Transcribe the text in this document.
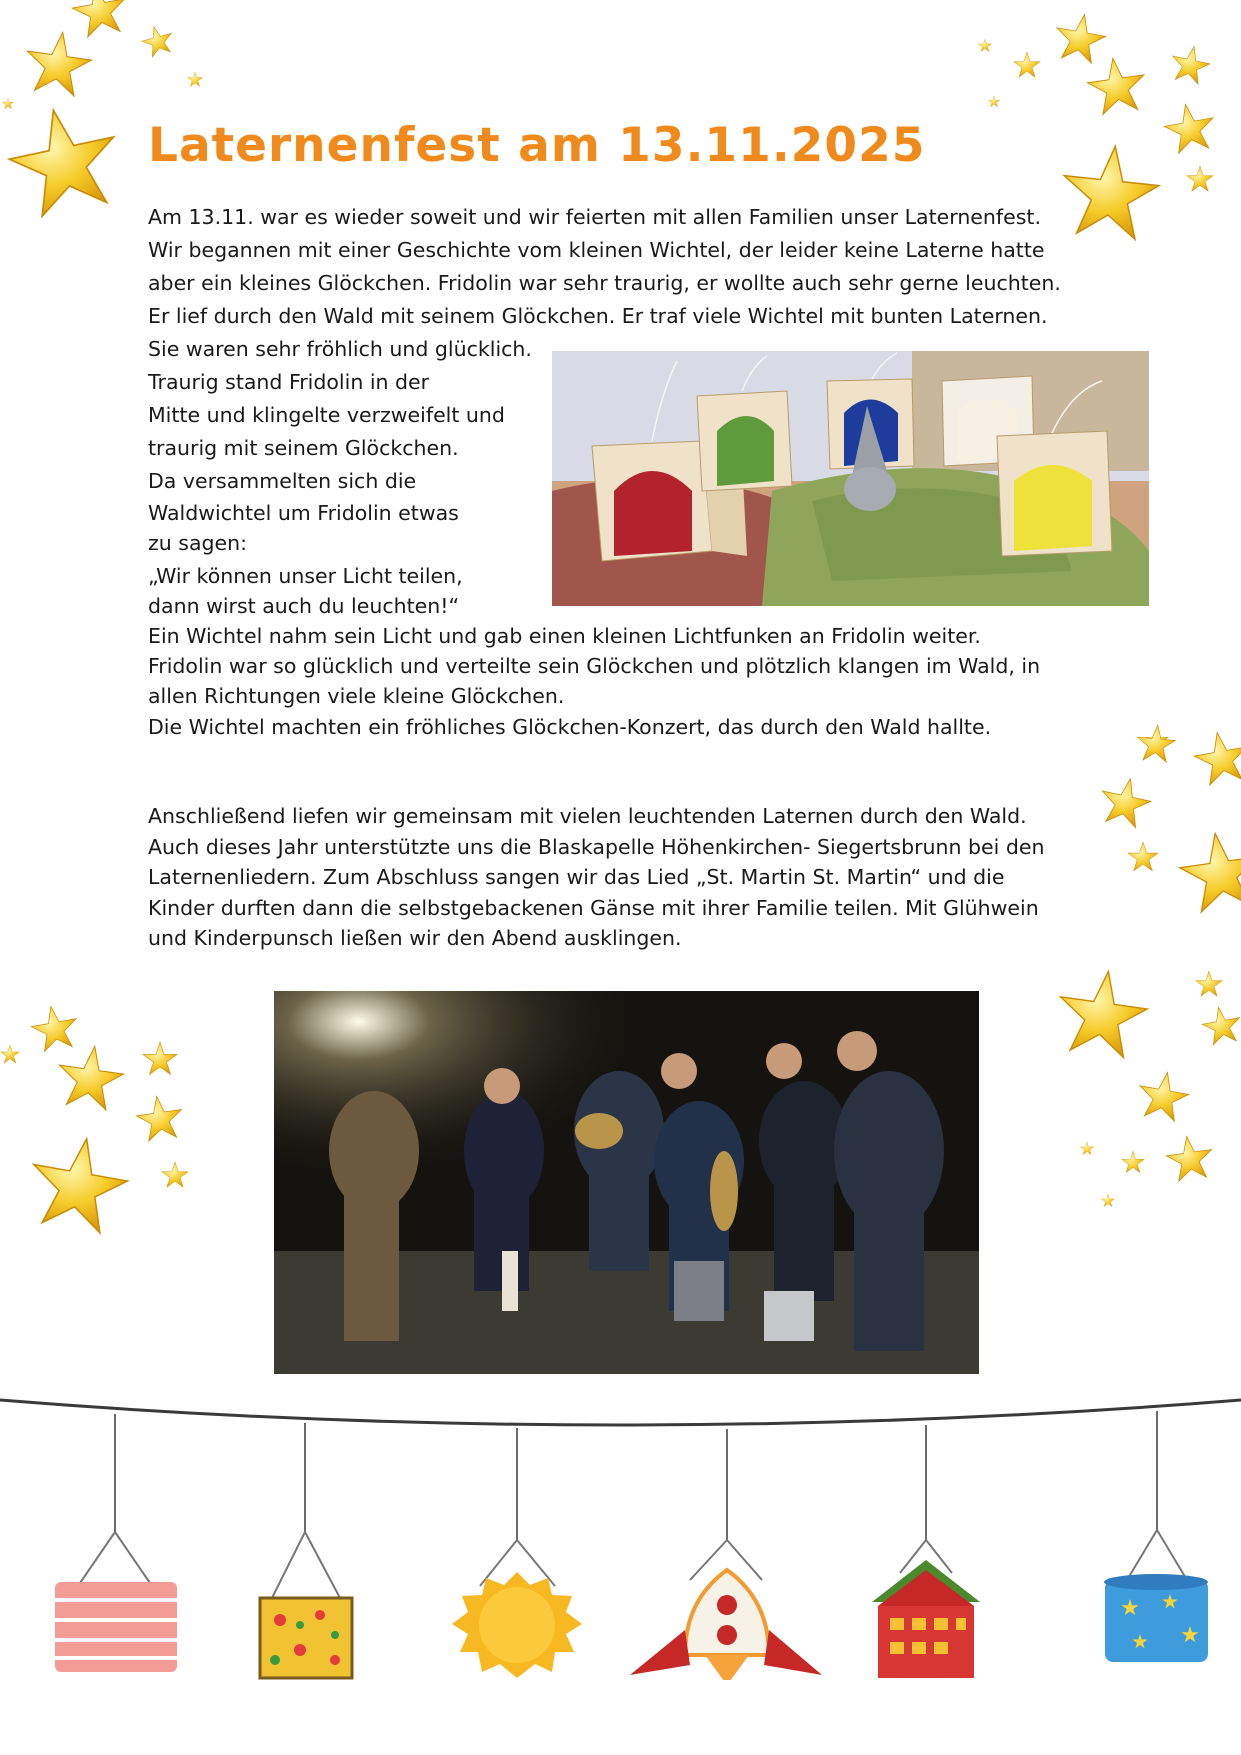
Laternenfest am 13.11.2025

Am 13.11. war es wieder soweit und wir feierten mit allen Familien unser Laternenfest.

Wir begannen mit einer Geschichte vom kleinen Wichtel, der leider keine Laterne hatte

aber ein kleines Glöckchen. Fridolin war sehr traurig, er wollte auch sehr gerne leuchten.

Er lief durch den Wald mit seinem Glöckchen. Er traf viele Wichtel mit bunten Laternen.

Sie waren sehr fröhlich und glücklich.

Traurig stand Fridolin in der

Mitte und klingelte verzweifelt und

traurig mit seinem Glöckchen.

Da versammelten sich die

Waldwichtel um Fridolin etwas

zu sagen:

„Wir können unser Licht teilen,

dann wirst auch du leuchten!“

Ein Wichtel nahm sein Licht und gab einen kleinen Lichtfunken an Fridolin weiter.

Fridolin war so glücklich und verteilte sein Glöckchen und plötzlich klangen im Wald, in

allen Richtungen viele kleine Glöckchen.

Die Wichtel machten ein fröhliches Glöckchen-Konzert, das durch den Wald hallte.

Anschließend liefen wir gemeinsam mit vielen leuchtenden Laternen durch den Wald.

Auch dieses Jahr unterstützte uns die Blaskapelle Höhenkirchen- Siegertsbrunn bei den

Laternenliedern. Zum Abschluss sangen wir das Lied „St. Martin St. Martin“ und die

Kinder durften dann die selbstgebackenen Gänse mit ihrer Familie teilen. Mit Glühwein

und Kinderpunsch ließen wir den Abend ausklingen.
